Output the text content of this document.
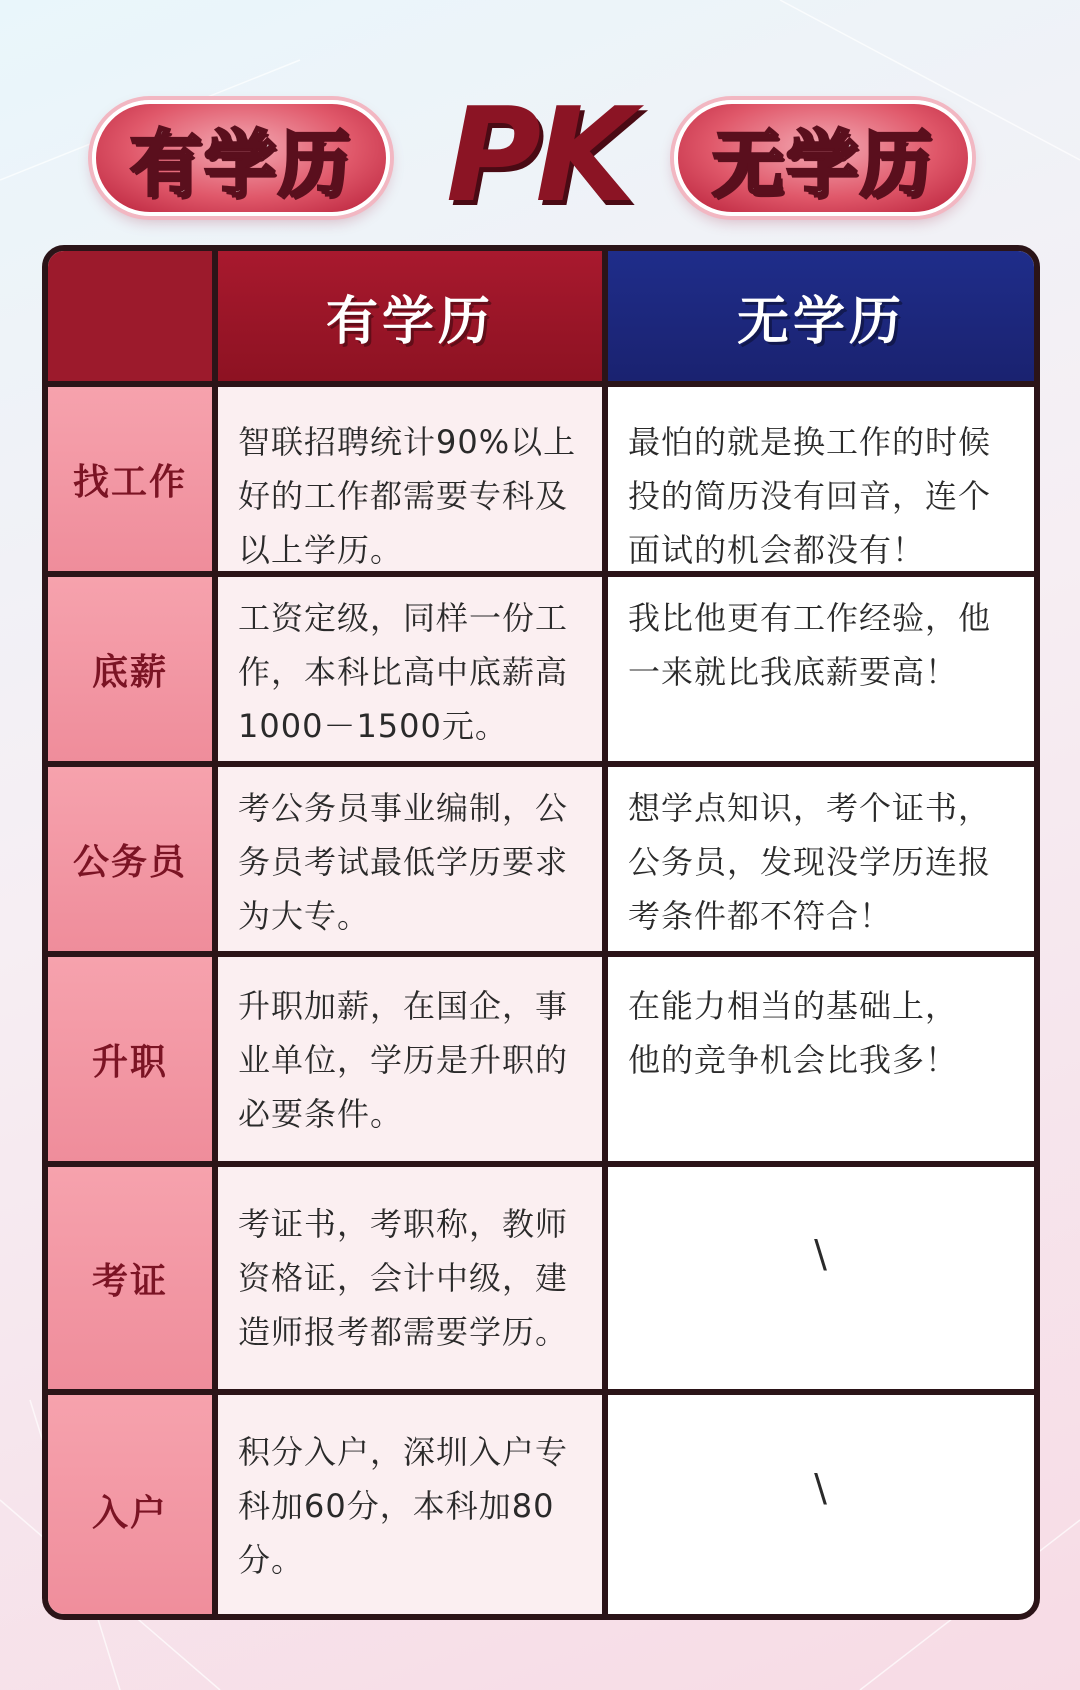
有学历 PK 无学历
有学历	无学历
找工作
智联招聘统计90%以上
好的工作都需要专科及
以上学历。
最怕的就是换工作的时候
投的简历没有回音，连个
面试的机会都没有！
底薪
工资定级，同样一份工
作，本科比高中底薪高
1000－1500元。
我比他更有工作经验，他
一来就比我底薪要高！
公务员
考公务员事业编制，公
务员考试最低学历要求
为大专。
想学点知识，考个证书，
公务员，发现没学历连报
考条件都不符合！
升职
升职加薪，在国企，事
业单位，学历是升职的
必要条件。
在能力相当的基础上，
他的竞争机会比我多！
考证
考证书，考职称，教师
资格证，会计中级，建
造师报考都需要学历。
\
入户
积分入户，深圳入户专
科加60分，本科加80
分。
\
